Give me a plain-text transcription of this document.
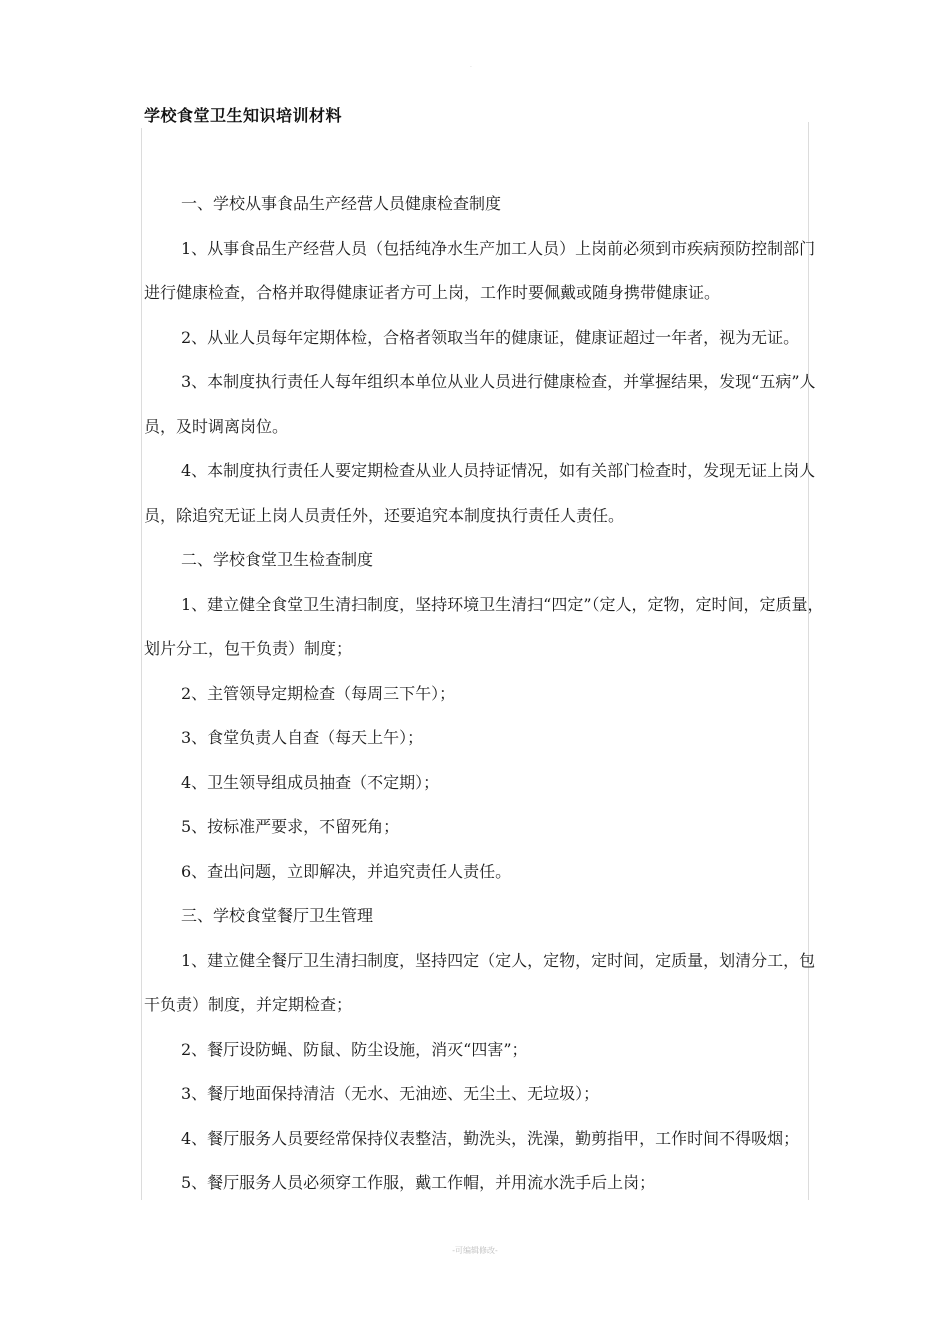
.
学校食堂卫生知识培训材料

一、学校从事食品生产经营人员健康检查制度

1、从事食品生产经营人员（包括纯净水生产加工人员）上岗前必须到市疾病预防控制部门进行健康检查，合格并取得健康证者方可上岗，工作时要佩戴或随身携带健康证。

2、从业人员每年定期体检，合格者领取当年的健康证，健康证超过一年者，视为无证。

3、本制度执行责任人每年组织本单位从业人员进行健康检查，并掌握结果，发现“五病”人员，及时调离岗位。

4、本制度执行责任人要定期检查从业人员持证情况，如有关部门检查时，发现无证上岗人员，除追究无证上岗人员责任外，还要追究本制度执行责任人责任。

二、学校食堂卫生检查制度

1、建立健全食堂卫生清扫制度，坚持环境卫生清扫“四定”（定人，定物，定时间，定质量，划片分工，包干负责）制度；

2、主管领导定期检查（每周三下午）；

3、食堂负责人自查（每天上午）；

4、卫生领导组成员抽查（不定期）；

5、按标准严要求，不留死角；

6、查出问题，立即解决，并追究责任人责任。

三、学校食堂餐厅卫生管理

1、建立健全餐厅卫生清扫制度，坚持四定（定人，定物，定时间，定质量，划清分工，包干负责）制度，并定期检查；

2、餐厅设防蝇、防鼠、防尘设施，消灭“四害”；

3、餐厅地面保持清洁（无水、无油迹、无尘土、无垃圾）；

4、餐厅服务人员要经常保持仪表整洁，勤洗头，洗澡，勤剪指甲，工作时间不得吸烟；

5、餐厅服务人员必须穿工作服，戴工作帽，并用流水洗手后上岗；

-可编辑修改-
